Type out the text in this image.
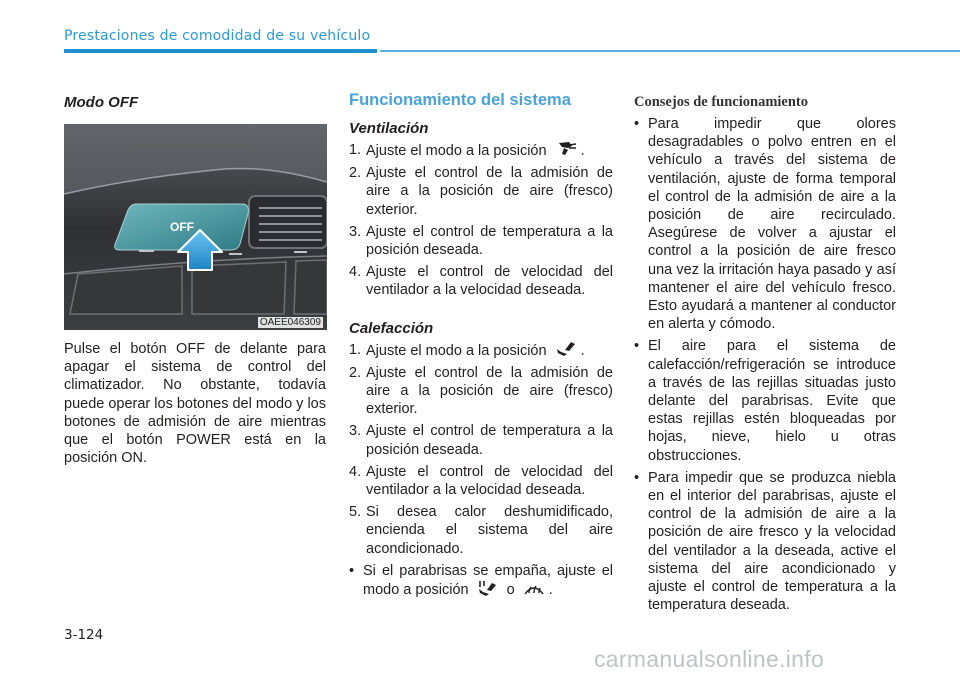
Prestaciones de comodidad de su vehículo
Modo OFF
OFF
OAEE046309
Pulse el botón OFF de delante para apagar el sistema de control del climatizador. No obstante, todavía puede operar los botones del modo y los botones de admisión de aire mientras que el botón POWER está en la posición ON.
Funcionamiento del sistema
Ventilación
1. Ajuste el modo a la posición .
2. Ajuste el control de la admisión de aire a la posición de aire (fresco) exterior.
3. Ajuste el control de temperatura a la posición deseada.
4. Ajuste el control de velocidad del ventilador a la velocidad deseada.
Calefacción
1. Ajuste el modo a la posición .
2. Ajuste el control de la admisión de aire a la posición de aire (fresco) exterior.
3. Ajuste el control de temperatura a la posición deseada.
4. Ajuste el control de velocidad del ventilador a la velocidad deseada.
5. Si desea calor deshumidificado, encienda el sistema del aire acondicionado.
• Si el parabrisas se empaña, ajuste el modo a posición	o .
Consejos de funcionamiento
• Para impedir que olores desagradables o polvo entren en el vehículo a través del sistema de ventilación, ajuste de forma temporal el control de la admisión de aire a la posición de aire recirculado. Asegúrese de volver a ajustar el control a la posición de aire fresco una vez la irritación haya pasado y así mantener el aire del vehículo fresco. Esto ayudará a mantener al conductor en alerta y cómodo.
• El aire para el sistema de calefacción/refrigeración se introduce a través de las rejillas situadas justo delante del parabrisas. Evite que estas rejillas estén bloqueadas por hojas, nieve, hielo u otras obstrucciones.
• Para impedir que se produzca niebla en el interior del parabrisas, ajuste el control de la admisión de aire a la posición de aire fresco y la velocidad del ventilador a la deseada, active el sistema del aire acondicionado y ajuste el control de temperatura a la temperatura deseada.
3-124
carmanualsonline.info
